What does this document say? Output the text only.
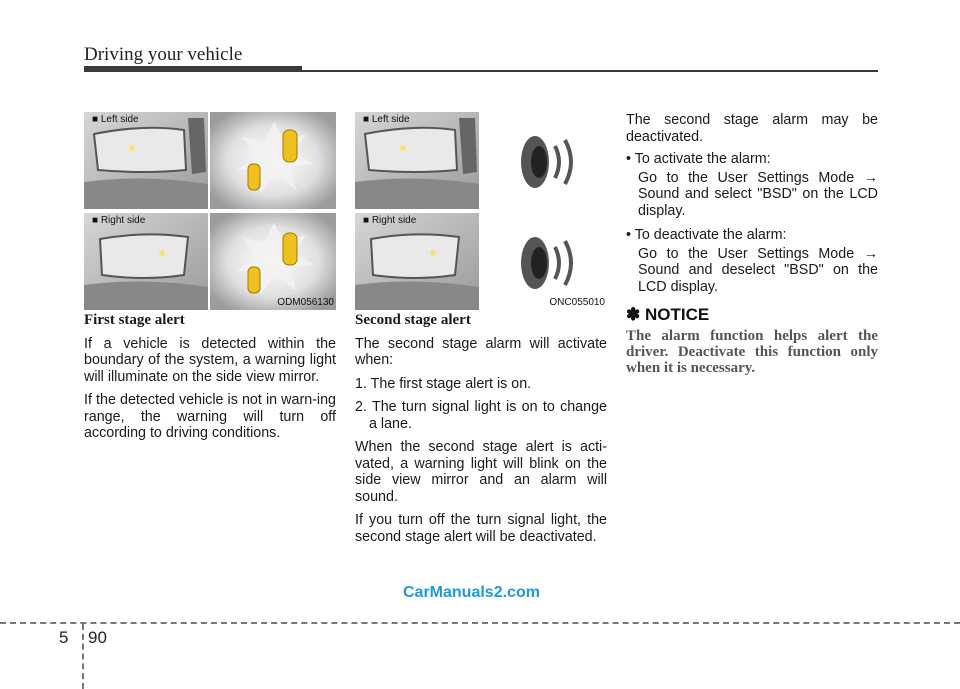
Driving your vehicle
■ Left side
■ Right side
ODM056130
■ Left side
■ Right side
ONC055010

First stage alert

If a vehicle is detected within the boundary of the system, a warning light will illuminate on the side view mirror.

If the detected vehicle is not in warn-ing range, the warning will turn off according to driving conditions.

Second stage alert

The second stage alarm will activate when:

1. The first stage alert is on.

2. The turn signal light is on to change a lane.

When the second stage alert is acti-vated, a warning light will blink on the side view mirror and an alarm will sound.

If you turn off the turn signal light, the second stage alert will be deactivated.

The second stage alarm may be deactivated.

• To activate the alarm:

Go to the User Settings Mode → Sound and select "BSD" on the LCD display.

• To deactivate the alarm:

Go to the User Settings Mode → Sound and deselect "BSD" on the LCD display.

✽ NOTICE

The alarm function helps alert the driver. Deactivate this function only when it is necessary.

CarManuals2.com
5 90
